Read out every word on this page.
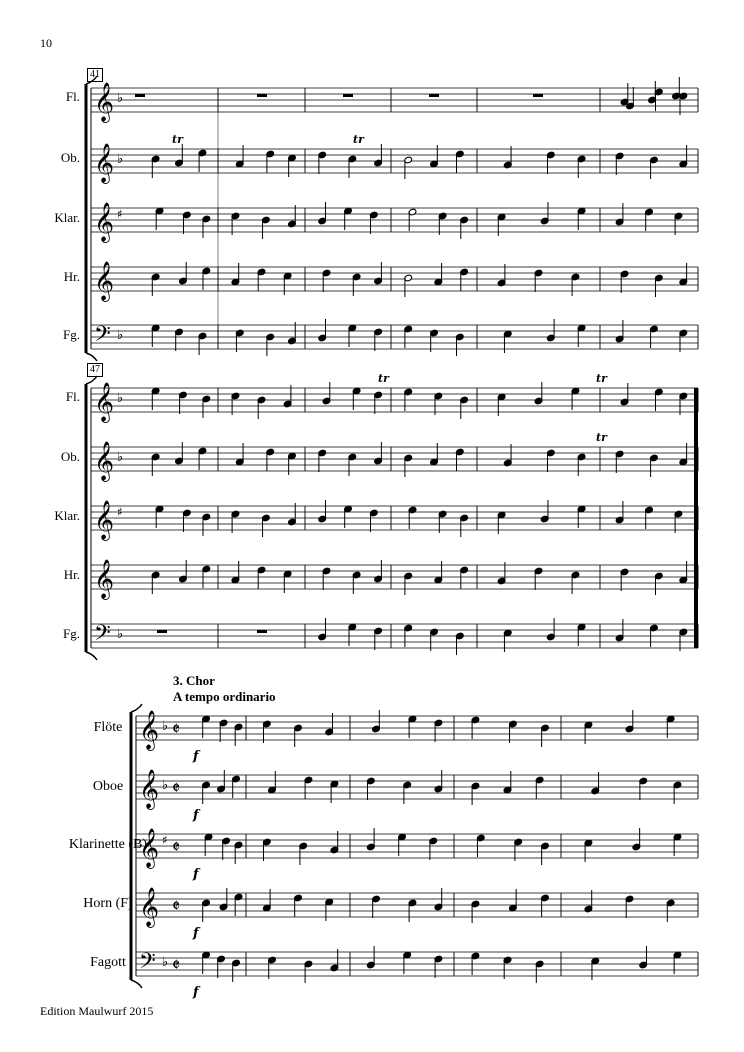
10
41
Fl.
Ob.
Klar.
Hr.
Fg.
47
Fl.
Ob.
Klar.
Hr.
Fg.
3. Chor
A tempo ordinario
Flöte
Oboe
Klarinette (B)
Horn (F)
Fagott
Edition Maulwurf 2015
𝄞 ♭
𝄞 ♭
𝄞 ♯
𝄞
𝄢 ♭
𝄞 ♭
𝄞 ♭
𝄞 ♯
𝄞
𝄢 ♭
𝄞 ♭
𝄞 ♭
𝄞 ♯
𝄞
𝄢 ♭
𝄵
𝄵
𝄵
𝄵
𝄵
tr	tr
tr	tr
tr
f
f
f
f
f
